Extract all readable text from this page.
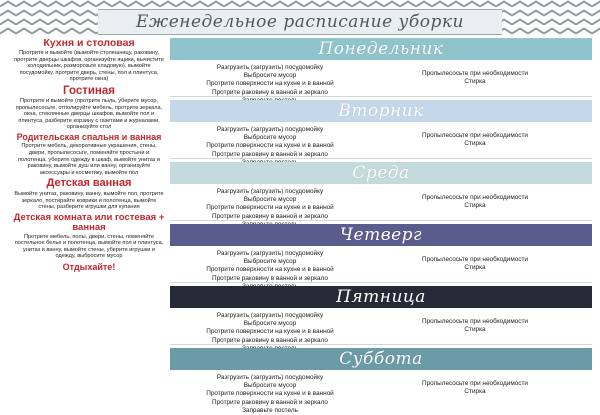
Еженедельное расписание уборки
Кухня и столовая
Протрите и вымойте (вымойте столешницу, раковину, протрите дверцы шкафов, организуйте ящики, вычистите холодильник, разморозьте кладовую), вымойте посудомойку, протрите дверь, стены, пол и плинтуса, протрите окна)
Гостиная
Протрите и вымойте (протрите пыль, уберите мусор, пропылесосьте, отполируйте мебель, протрите зеркала, окна, стеклянные дверцы шкафов, вымойте пол и плинтуса, разберите корзину с газетами и журналами, организуйте стол
Родительская спальня и ванная
Протрите мебель, декоративные украшения, стены, двери, пропылесосьте, поменяйте простыни и полотенца, уберите одежду в шкаф, вымойте унитаз и раковину, вымойте душ или ванну, организуйте аксессуары и косметику, вымойте пол
Детская ванная
Вымойте унитаз, раковину, ванну, вымойте пол, протрите зеркало, постирайте коврики и полотенца, вымойте стены, разберите игрушки для купания
Детская комната или гостевая + ванная
Протрите мебель, полы, двери, стены, поменяйте постельное белье и полотенца, вымойте пол и плинтуса, унитаз и ванну, вымойте стены, уберите игрушки и одежду, выбросите мусор
Отдыхайте!
Понедельник
Разгрузить (загрузить) посудомойку
Выбросите мусор
Протрите поверхности на кухне и в ванной
Протрите раковину в ванной и зеркало
Пропылесосьте при необходимости
Стирка
Вторник
Разгрузить (загрузить) посудомойку
Выбросите мусор
Протрите поверхности на кухне и в ванной
Протрите раковину в ванной и зеркало
Пропылесосьте при необходимости
Стирка
Среда
Разгрузить (загрузить) посудомойку
Выбросите мусор
Протрите поверхности на кухне и в ванной
Протрите раковину в ванной и зеркало
Пропылесосьте при необходимости
Стирка
Четверг
Разгрузить (загрузить) посудомойку
Выбросите мусор
Протрите поверхности на кухне и в ванной
Протрите раковину в ванной и зеркало
Пропылесосьте при необходимости
Стирка
Пятница
Разгрузить (загрузить) посудомойку
Выбросите мусор
Протрите поверхности на кухне и в ванной
Протрите раковину в ванной и зеркало
Пропылесосьте при необходимости
Стирка
Суббота
Разгрузить (загрузить) посудомойку
Выбросите мусор
Протрите поверхности на кухне и в ванной
Протрите раковину в ванной и зеркало
Заправьте постель
Пропылесосьте при необходимости
Стирка
